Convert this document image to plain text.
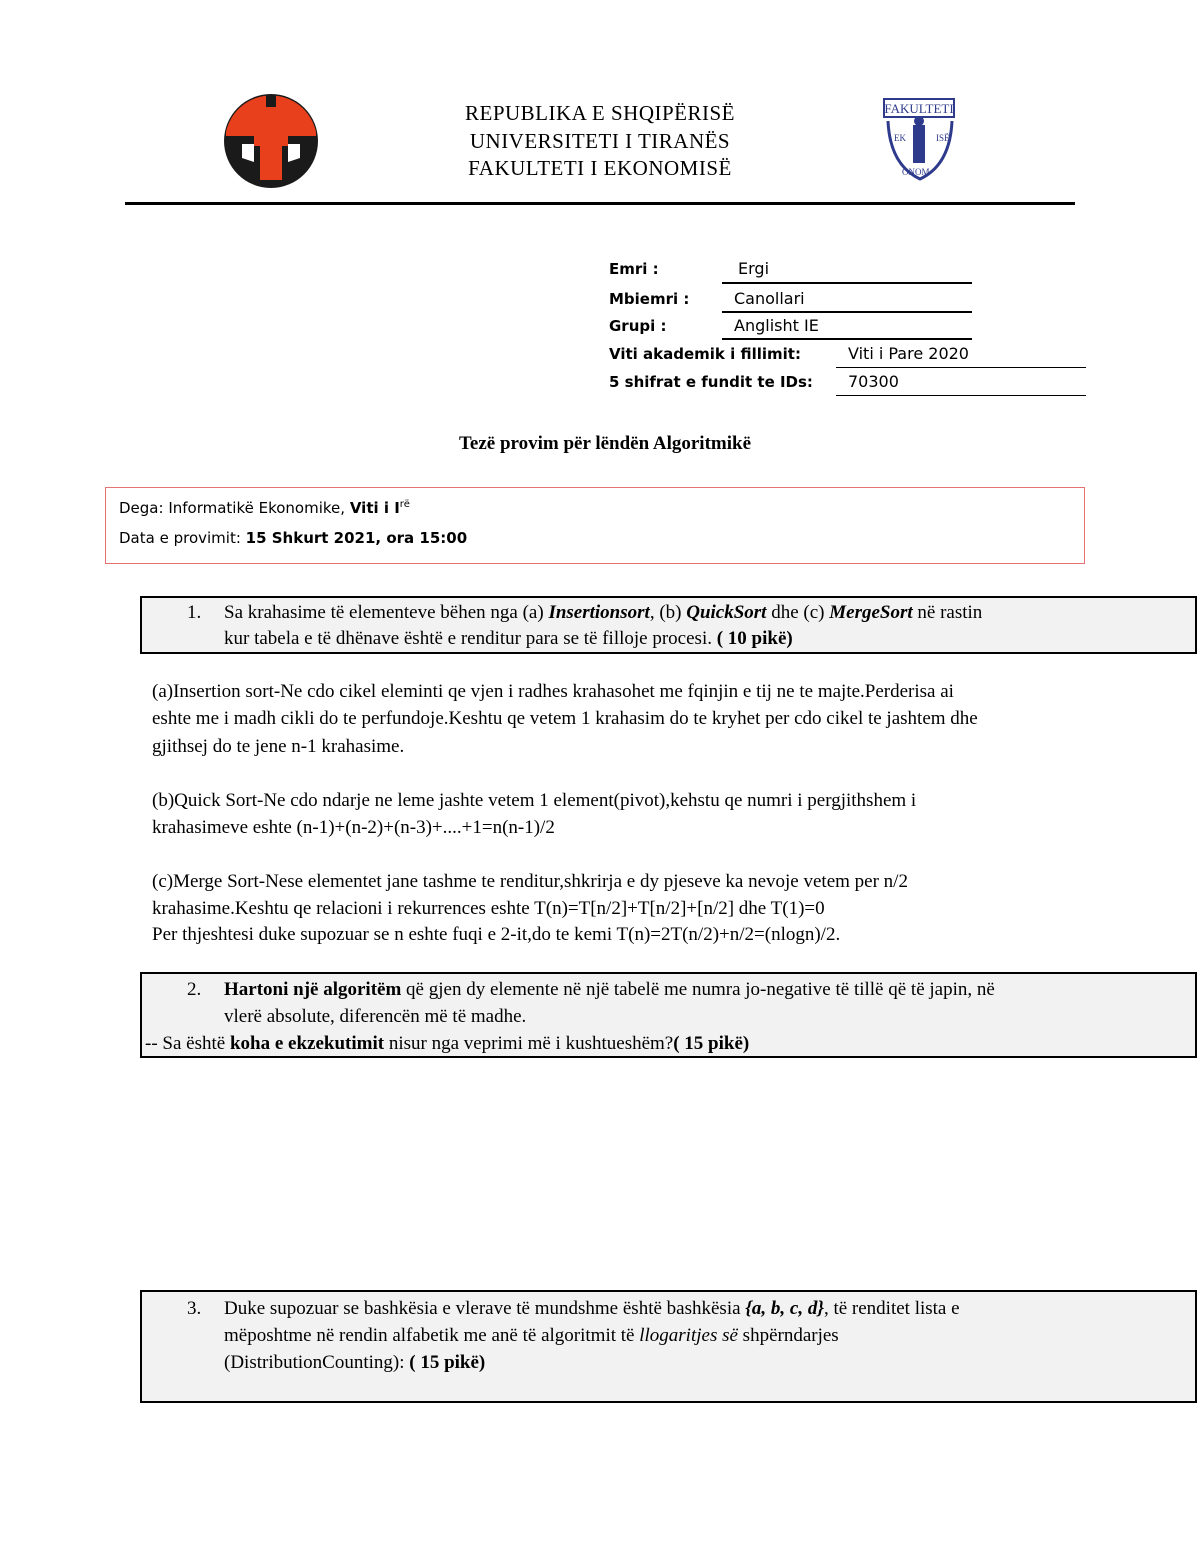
REPUBLIKA E SHQIPËRISË
UNIVERSITETI I TIRANËS
FAKULTETI I EKONOMISË
FAKULTETI
EK	ISË
ONOM
Emri :	Ergi
Mbiemri :	Canollari
Grupi :	Anglisht IE
Viti akademik i fillimit:	Viti i Pare 2020
5 shifrat e fundit te IDs: 70300
Tezë provim për lëndën Algoritmikë
Dega: Informatikë Ekonomike, Viti i $I^{rë}$
Data e provimit: 15 Shkurt 2021, ora 15:00
1. Sa krahasime të elementeve bëhen nga (a) Insertionsort, (b) QuickSort dhe (c) MergeSort në rastin
kur tabela e të dhënave është e renditur para se të filloje procesi. ( 10 pikë)
(a)Insertion sort-Ne cdo cikel eleminti qe vjen i radhes krahasohet me fqinjin e tij ne te majte.Perderisa ai
eshte me i madh cikli do te perfundoje.Keshtu qe vetem 1 krahasim do te kryhet per cdo cikel te jashtem dhe
gjithsej do te jene n-1 krahasime.
(b)Quick Sort-Ne cdo ndarje ne leme jashte vetem 1 element(pivot),kehstu qe numri i pergjithshem i
krahasimeve eshte (n-1)+(n-2)+(n-3)+....+1=n(n-1)/2
(c)Merge Sort-Nese elementet jane tashme te renditur,shkrirja e dy pjeseve ka nevoje vetem per n/2
krahasime.Keshtu qe relacioni i rekurrences eshte T(n)=T[n/2]+T[n/2]+[n/2] dhe T(1)=0
Per thjeshtesi duke supozuar se n eshte fuqi e 2-it,do te kemi T(n)=2T(n/2)+n/2=(nlogn)/2.
2. Hartoni një algoritëm që gjen dy elemente në një tabelë me numra jo-negative të tillë që të japin, në
vlerë absolute, diferencën më të madhe.
-- Sa është koha e ekzekutimit nisur nga veprimi më i kushtueshëm?( 15 pikë)
3. Duke supozuar se bashkësia e vlerave të mundshme është bashkësia {a, b, c, d}, të renditet lista e
mëposhtme në rendin alfabetik me anë të algoritmit të llogaritjes së shpërndarjes
(DistributionCounting): ( 15 pikë)
